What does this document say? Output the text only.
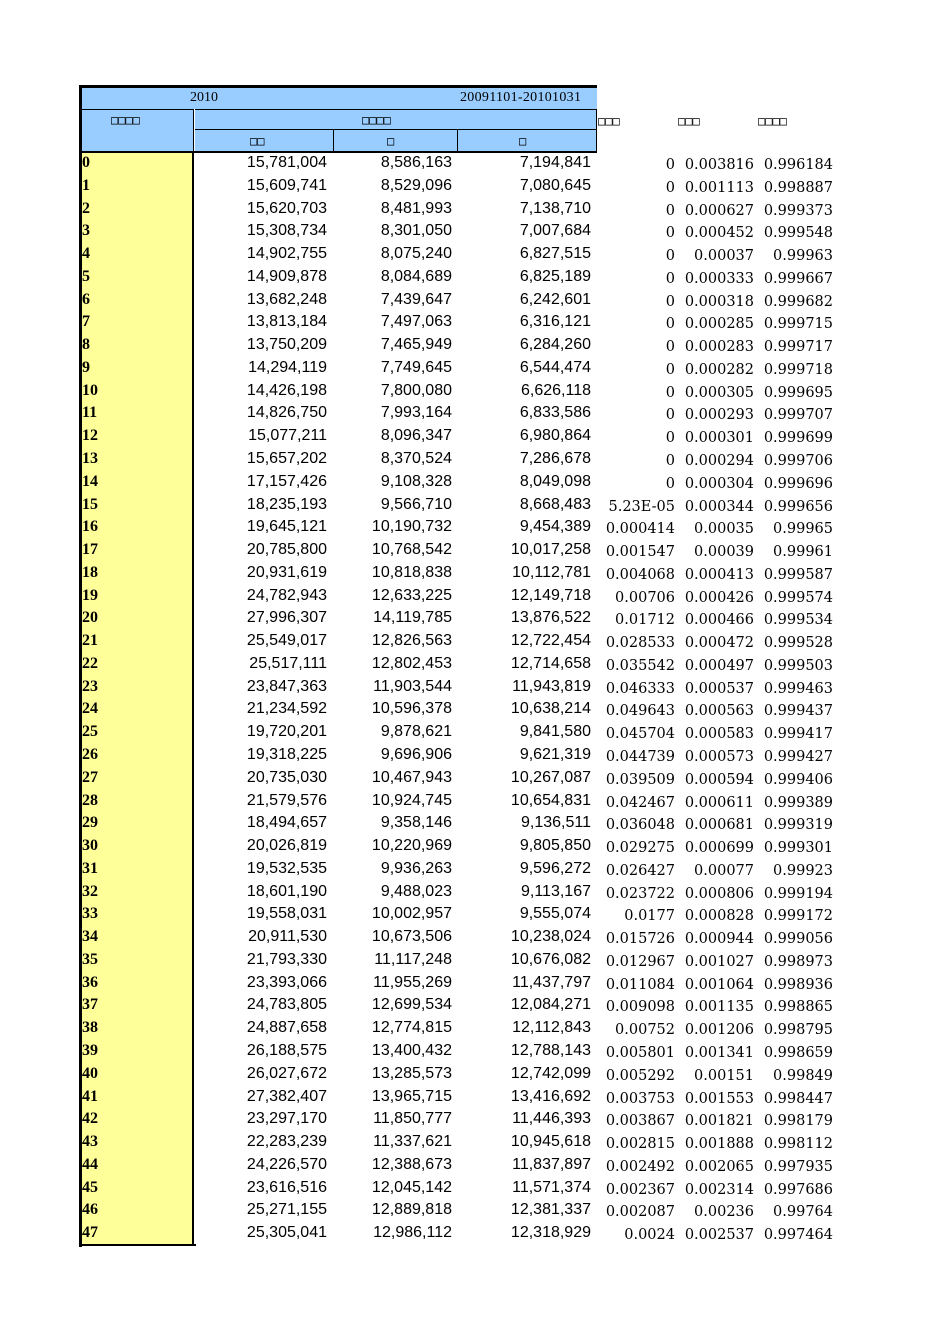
2010	20091101-20101031
□□□□	□□□□
□□	□	□
□□□	□□□	□□□□
0	15,781,004	8,586,163	7,194,841	0 0.003816 0.996184
1	15,609,741	8,529,096	7,080,645	0 0.001113 0.998887
2	15,620,703	8,481,993	7,138,710	0 0.000627 0.999373
3	15,308,734	8,301,050	7,007,684	0 0.000452 0.999548
4	14,902,755	8,075,240	6,827,515	0	0.00037	0.99963
5	14,909,878	8,084,689	6,825,189	0 0.000333 0.999667
6	13,682,248	7,439,647	6,242,601	0 0.000318 0.999682
7	13,813,184	7,497,063	6,316,121	0 0.000285 0.999715
8	13,750,209	7,465,949	6,284,260	0 0.000283 0.999717
9	14,294,119	7,749,645	6,544,474	0 0.000282 0.999718
10	14,426,198	7,800,080	6,626,118	0 0.000305 0.999695
11	14,826,750	7,993,164	6,833,586	0 0.000293 0.999707
12	15,077,211	8,096,347	6,980,864	0 0.000301 0.999699
13	15,657,202	8,370,524	7,286,678	0 0.000294 0.999706
14	17,157,426	9,108,328	8,049,098	0 0.000304 0.999696
15	18,235,193	9,566,710	8,668,483	5.23E-05 0.000344 0.999656
16	19,645,121	10,190,732	9,454,389	0.000414	0.00035	0.99965
17	20,785,800	10,768,542	10,017,258	0.001547	0.00039	0.99961
18	20,931,619	10,818,838	10,112,781	0.004068 0.000413 0.999587
19	24,782,943	12,633,225	12,149,718	0.00706 0.000426 0.999574
20	27,996,307	14,119,785	13,876,522	0.01712 0.000466 0.999534
21	25,549,017	12,826,563	12,722,454	0.028533 0.000472 0.999528
22	25,517,111	12,802,453	12,714,658	0.035542 0.000497 0.999503
23	23,847,363	11,903,544	11,943,819	0.046333 0.000537 0.999463
24	21,234,592	10,596,378	10,638,214	0.049643 0.000563 0.999437
25	19,720,201	9,878,621	9,841,580	0.045704 0.000583 0.999417
26	19,318,225	9,696,906	9,621,319	0.044739 0.000573 0.999427
27	20,735,030	10,467,943	10,267,087	0.039509 0.000594 0.999406
28	21,579,576	10,924,745	10,654,831	0.042467 0.000611 0.999389
29	18,494,657	9,358,146	9,136,511	0.036048 0.000681 0.999319
30	20,026,819	10,220,969	9,805,850	0.029275 0.000699 0.999301
31	19,532,535	9,936,263	9,596,272	0.026427	0.00077	0.99923
32	18,601,190	9,488,023	9,113,167	0.023722 0.000806 0.999194
33	19,558,031	10,002,957	9,555,074	0.0177 0.000828 0.999172
34	20,911,530	10,673,506	10,238,024	0.015726 0.000944 0.999056
35	21,793,330	11,117,248	10,676,082	0.012967 0.001027 0.998973
36	23,393,066	11,955,269	11,437,797	0.011084 0.001064 0.998936
37	24,783,805	12,699,534	12,084,271	0.009098 0.001135 0.998865
38	24,887,658	12,774,815	12,112,843	0.00752 0.001206 0.998795
39	26,188,575	13,400,432	12,788,143	0.005801 0.001341 0.998659
40	26,027,672	13,285,573	12,742,099	0.005292	0.00151	0.99849
41	27,382,407	13,965,715	13,416,692	0.003753 0.001553 0.998447
42	23,297,170	11,850,777	11,446,393	0.003867 0.001821 0.998179
43	22,283,239	11,337,621	10,945,618	0.002815 0.001888 0.998112
44	24,226,570	12,388,673	11,837,897	0.002492 0.002065 0.997935
45	23,616,516	12,045,142	11,571,374	0.002367 0.002314 0.997686
46	25,271,155	12,889,818	12,381,337	0.002087	0.00236	0.99764
47	25,305,041	12,986,112	12,318,929	0.0024 0.002537 0.997464
